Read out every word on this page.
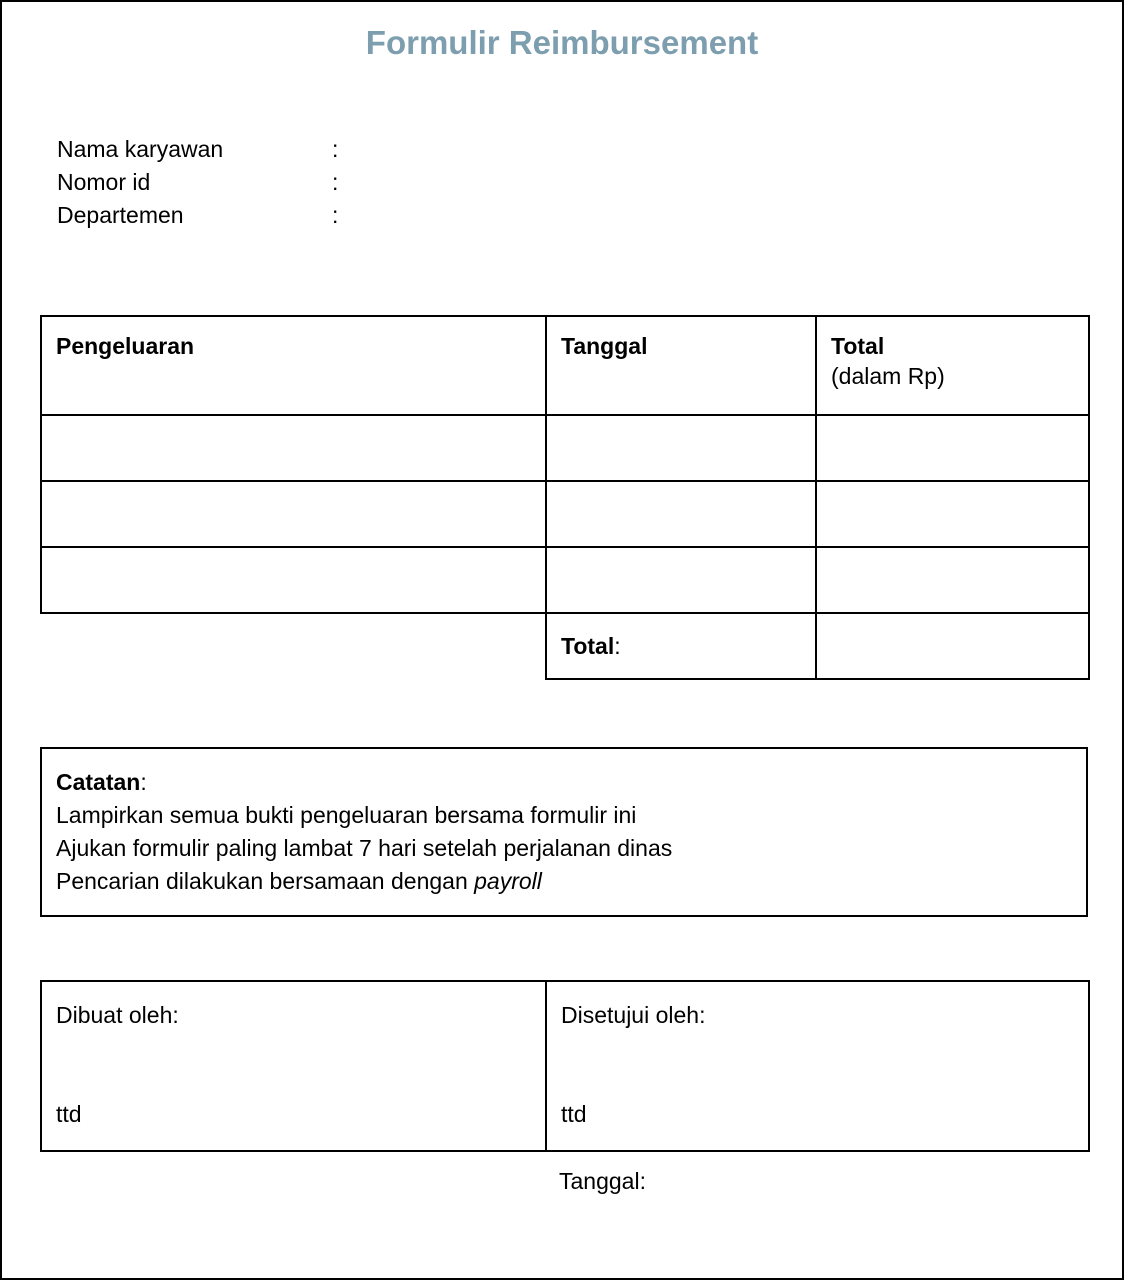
Formulir Reimbursement
Nama karyawan	:
Nomor id	:
Departemen	:
Pengeluaran	Tanggal	Total
(dalam Rp)

	Total:	
Catatan:
Lampirkan semua bukti pengeluaran bersama formulir ini
Ajukan formulir paling lambat 7 hari setelah perjalanan dinas
Pencarian dilakukan bersamaan dengan payroll
Dibuat oleh:
ttd

Disetujui oleh:
ttd
Tanggal:
